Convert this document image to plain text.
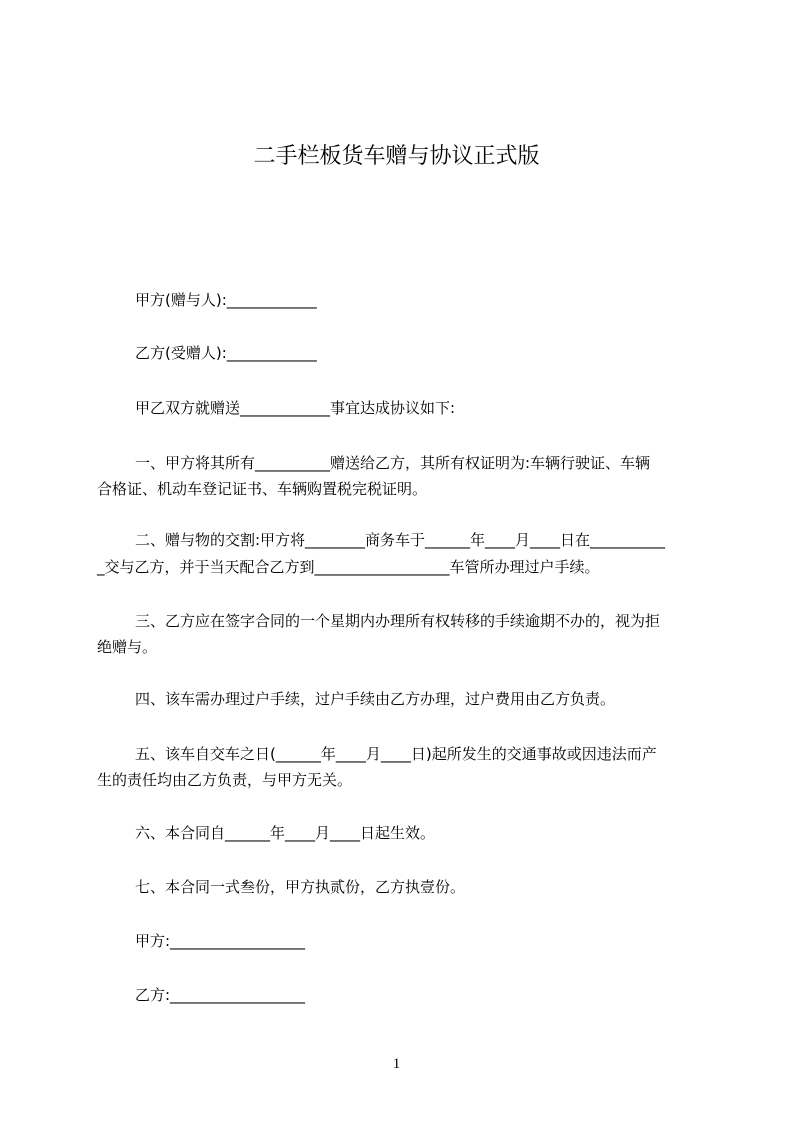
二手栏板货车赠与协议正式版
甲方(赠与人):____________
乙方(受赠人):____________
甲乙双方就赠送____________事宜达成协议如下:
一、甲方将其所有__________赠送给乙方，其所有权证明为:车辆行驶证、车辆
合格证、机动车登记证书、车辆购置税完税证明。
二、赠与物的交割:甲方将________商务车于______年____月____日在__________
_交与乙方，并于当天配合乙方到__________________车管所办理过户手续。
三、乙方应在签字合同的一个星期内办理所有权转移的手续逾期不办的，视为拒
绝赠与。
四、该车需办理过户手续，过户手续由乙方办理，过户费用由乙方负责。
五、该车自交车之日(______年____月____日)起所发生的交通事故或因违法而产
生的责任均由乙方负责，与甲方无关。
六、本合同自______年____月____日起生效。
七、本合同一式叁份，甲方执贰份，乙方执壹份。
甲方:__________________
乙方:__________________
1
